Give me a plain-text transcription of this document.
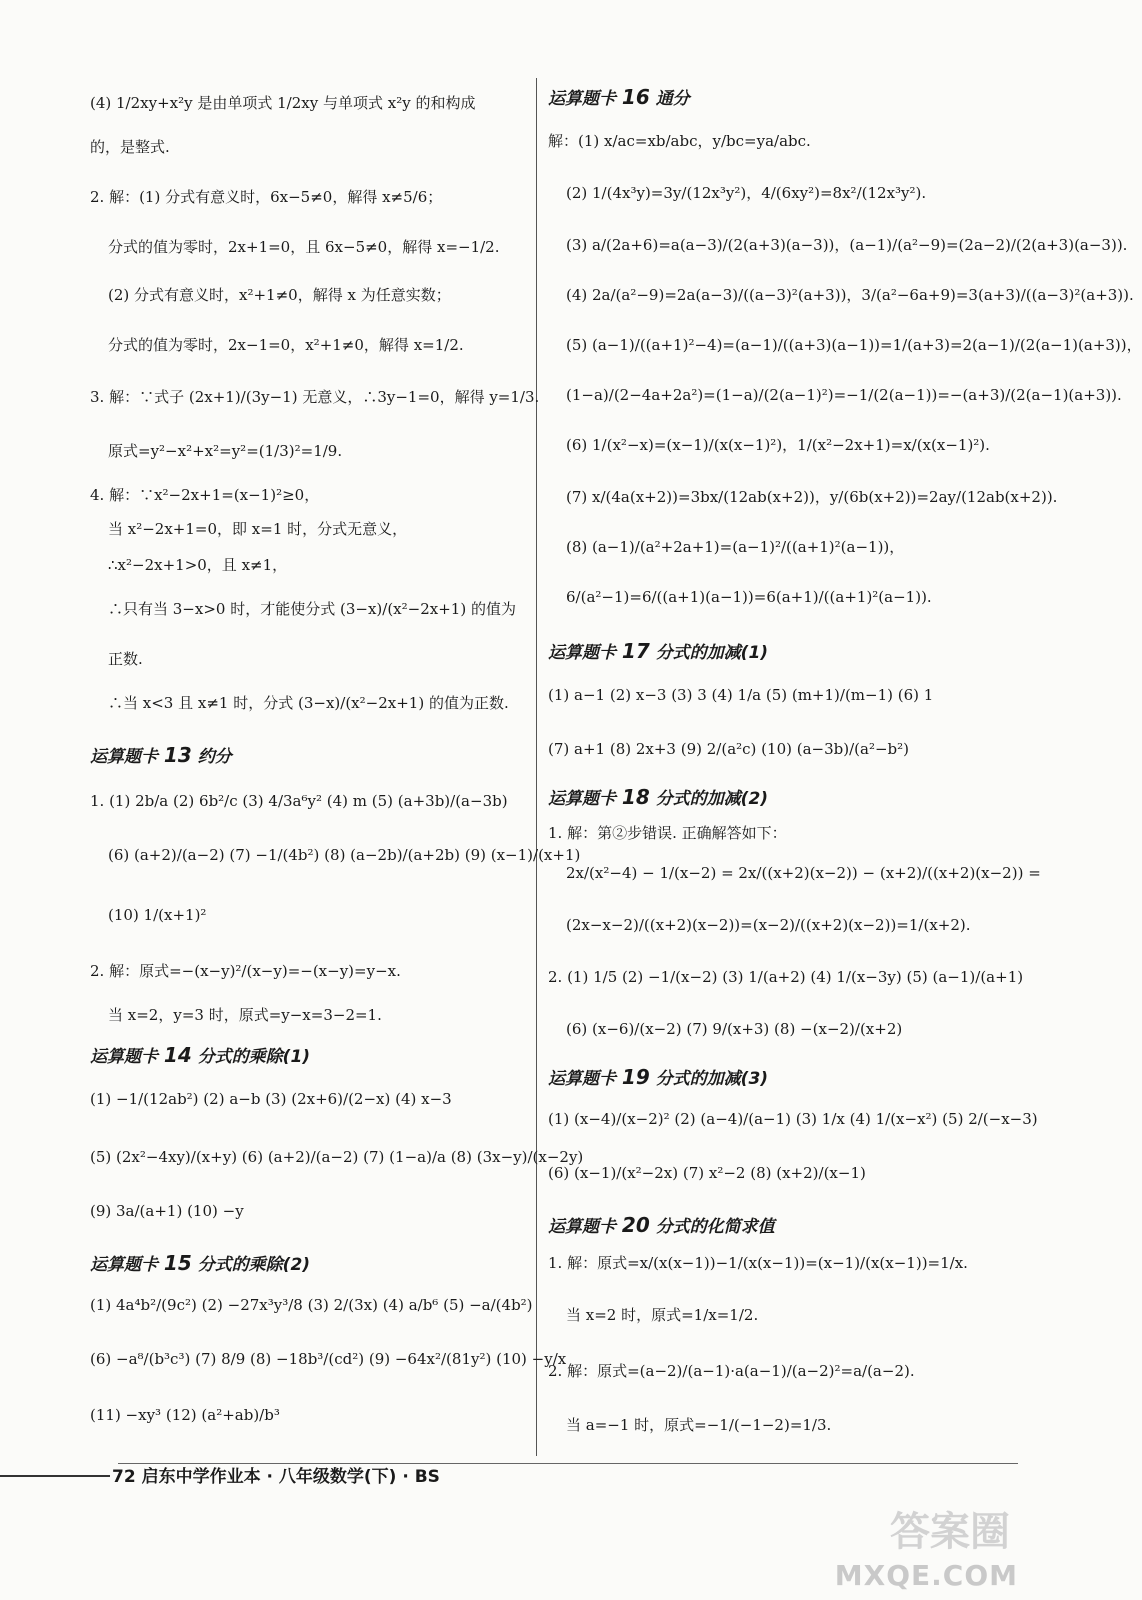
(4) 1/2xy+x²y 是由单项式 1/2xy 与单项式 x²y 的和构成
的，是整式.
2. 解：(1) 分式有意义时，6x−5≠0，解得 x≠5/6；
分式的值为零时，2x+1=0，且 6x−5≠0，解得 x=−1/2.
(2) 分式有意义时，x²+1≠0，解得 x 为任意实数；
分式的值为零时，2x−1=0，x²+1≠0，解得 x=1/2.
3. 解：∵式子 (2x+1)/(3y−1) 无意义，∴3y−1=0，解得 y=1/3.
原式=y²−x²+x²=y²=(1/3)²=1/9.
4. 解：∵x²−2x+1=(x−1)²≥0，
当 x²−2x+1=0，即 x=1 时，分式无意义，
∴x²−2x+1>0，且 x≠1，
∴只有当 3−x>0 时，才能使分式 (3−x)/(x²−2x+1) 的值为
正数.
∴当 x<3 且 x≠1 时，分式 (3−x)/(x²−2x+1) 的值为正数.
运算题卡 13 约分
1. (1) 2b/a (2) 6b²/c (3) 4/3a⁶y² (4) m (5) (a+3b)/(a−3b)
(6) (a+2)/(a−2) (7) −1/(4b²) (8) (a−2b)/(a+2b) (9) (x−1)/(x+1)
(10) 1/(x+1)²
2. 解：原式=−(x−y)²/(x−y)=−(x−y)=y−x.
当 x=2，y=3 时，原式=y−x=3−2=1.
运算题卡 14 分式的乘除(1)
(1) −1/(12ab²) (2) a−b (3) (2x+6)/(2−x) (4) x−3
(5) (2x²−4xy)/(x+y) (6) (a+2)/(a−2) (7) (1−a)/a (8) (3x−y)/(x−2y)
(9) 3a/(a+1) (10) −y
运算题卡 15 分式的乘除(2)
(1) 4a⁴b²/(9c²) (2) −27x³y³/8 (3) 2/(3x) (4) a/b⁶ (5) −a/(4b²)
(6) −a⁸/(b³c³) (7) 8/9 (8) −18b³/(cd²) (9) −64x²/(81y²) (10) −y/x
(11) −xy³ (12) (a²+ab)/b³
运算题卡 16 通分
解：(1) x/ac=xb/abc，y/bc=ya/abc.
(2) 1/(4x³y)=3y/(12x³y²)，4/(6xy²)=8x²/(12x³y²).
(3) a/(2a+6)=a(a−3)/(2(a+3)(a−3))，(a−1)/(a²−9)=(2a−2)/(2(a+3)(a−3)).
(4) 2a/(a²−9)=2a(a−3)/((a−3)²(a+3))，3/(a²−6a+9)=3(a+3)/((a−3)²(a+3)).
(5) (a−1)/((a+1)²−4)=(a−1)/((a+3)(a−1))=1/(a+3)=2(a−1)/(2(a−1)(a+3))，
(1−a)/(2−4a+2a²)=(1−a)/(2(a−1)²)=−1/(2(a−1))=−(a+3)/(2(a−1)(a+3)).
(6) 1/(x²−x)=(x−1)/(x(x−1)²)，1/(x²−2x+1)=x/(x(x−1)²).
(7) x/(4a(x+2))=3bx/(12ab(x+2))，y/(6b(x+2))=2ay/(12ab(x+2)).
(8) (a−1)/(a²+2a+1)=(a−1)²/((a+1)²(a−1))，
6/(a²−1)=6/((a+1)(a−1))=6(a+1)/((a+1)²(a−1)).
运算题卡 17 分式的加减(1)
(1) a−1 (2) x−3 (3) 3 (4) 1/a (5) (m+1)/(m−1) (6) 1
(7) a+1 (8) 2x+3 (9) 2/(a²c) (10) (a−3b)/(a²−b²)
运算题卡 18 分式的加减(2)
1. 解：第②步错误. 正确解答如下：
2x/(x²−4) − 1/(x−2) = 2x/((x+2)(x−2)) − (x+2)/((x+2)(x−2)) =
(2x−x−2)/((x+2)(x−2))=(x−2)/((x+2)(x−2))=1/(x+2).
2. (1) 1/5 (2) −1/(x−2) (3) 1/(a+2) (4) 1/(x−3y) (5) (a−1)/(a+1)
(6) (x−6)/(x−2) (7) 9/(x+3) (8) −(x−2)/(x+2)
运算题卡 19 分式的加减(3)
(1) (x−4)/(x−2)² (2) (a−4)/(a−1) (3) 1/x (4) 1/(x−x²) (5) 2/(−x−3)
(6) (x−1)/(x²−2x) (7) x²−2 (8) (x+2)/(x−1)
运算题卡 20 分式的化简求值
1. 解：原式=x/(x(x−1))−1/(x(x−1))=(x−1)/(x(x−1))=1/x.
当 x=2 时，原式=1/x=1/2.
2. 解：原式=(a−2)/(a−1)·a(a−1)/(a−2)²=a/(a−2).
当 a=−1 时，原式=−1/(−1−2)=1/3.
72 启东中学作业本 · 八年级数学(下) · BS
答案圈
MXQE.COM
